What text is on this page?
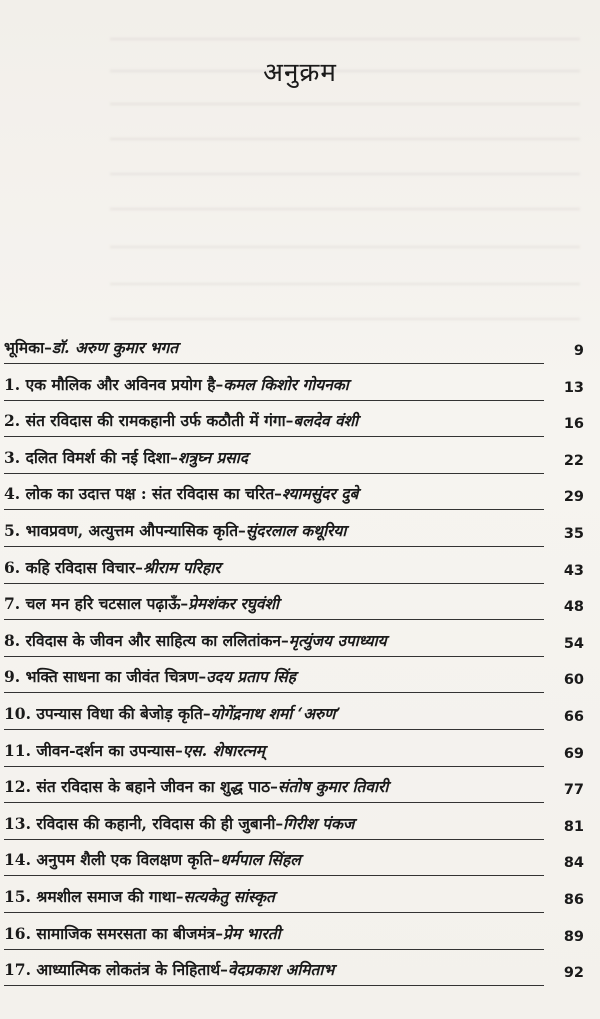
अनुक्रम
भूमिका–डॉ. अरुण कुमार भगत	9
1. एक मौलिक और अविनव प्रयोग है–कमल किशोर गोयनका	13
2. संत रविदास की रामकहानी उर्फ कठौती में गंगा–बलदेव वंशी	16
3. दलित विमर्श की नई दिशा–शत्रुघ्न प्रसाद	22
4. लोक का उदात्त पक्ष : संत रविदास का चरित–श्यामसुंदर दुबे	29
5. भावप्रवण, अत्युत्तम औपन्यासिक कृति–सुंदरलाल कथूरिया	35
6. कहि रविदास विचार–श्रीराम परिहार	43
7. चल मन हरि चटसाल पढ़ाऊँ–प्रेमशंकर रघुवंशी	48
8. रविदास के जीवन और साहित्य का ललितांकन–मृत्युंजय उपाध्याय	54
9. भक्ति साधना का जीवंत चित्रण–उदय प्रताप सिंह	60
10. उपन्यास विधा की बेजोड़ कृति–योगेंद्रनाथ शर्मा ‘अरुण’	66
11. जीवन-दर्शन का उपन्यास–एस. शेषारत्नम्	69
12. संत रविदास के बहाने जीवन का शुद्ध पाठ–संतोष कुमार तिवारी	77
13. रविदास की कहानी, रविदास की ही जुबानी–गिरीश पंकज	81
14. अनुपम शैली एक विलक्षण कृति–धर्मपाल सिंहल	84
15. श्रमशील समाज की गाथा–सत्यकेतु सांस्कृत	86
16. सामाजिक समरसता का बीजमंत्र–प्रेम भारती	89
17. आध्यात्मिक लोकतंत्र के निहितार्थ–वेदप्रकाश अमिताभ	92
